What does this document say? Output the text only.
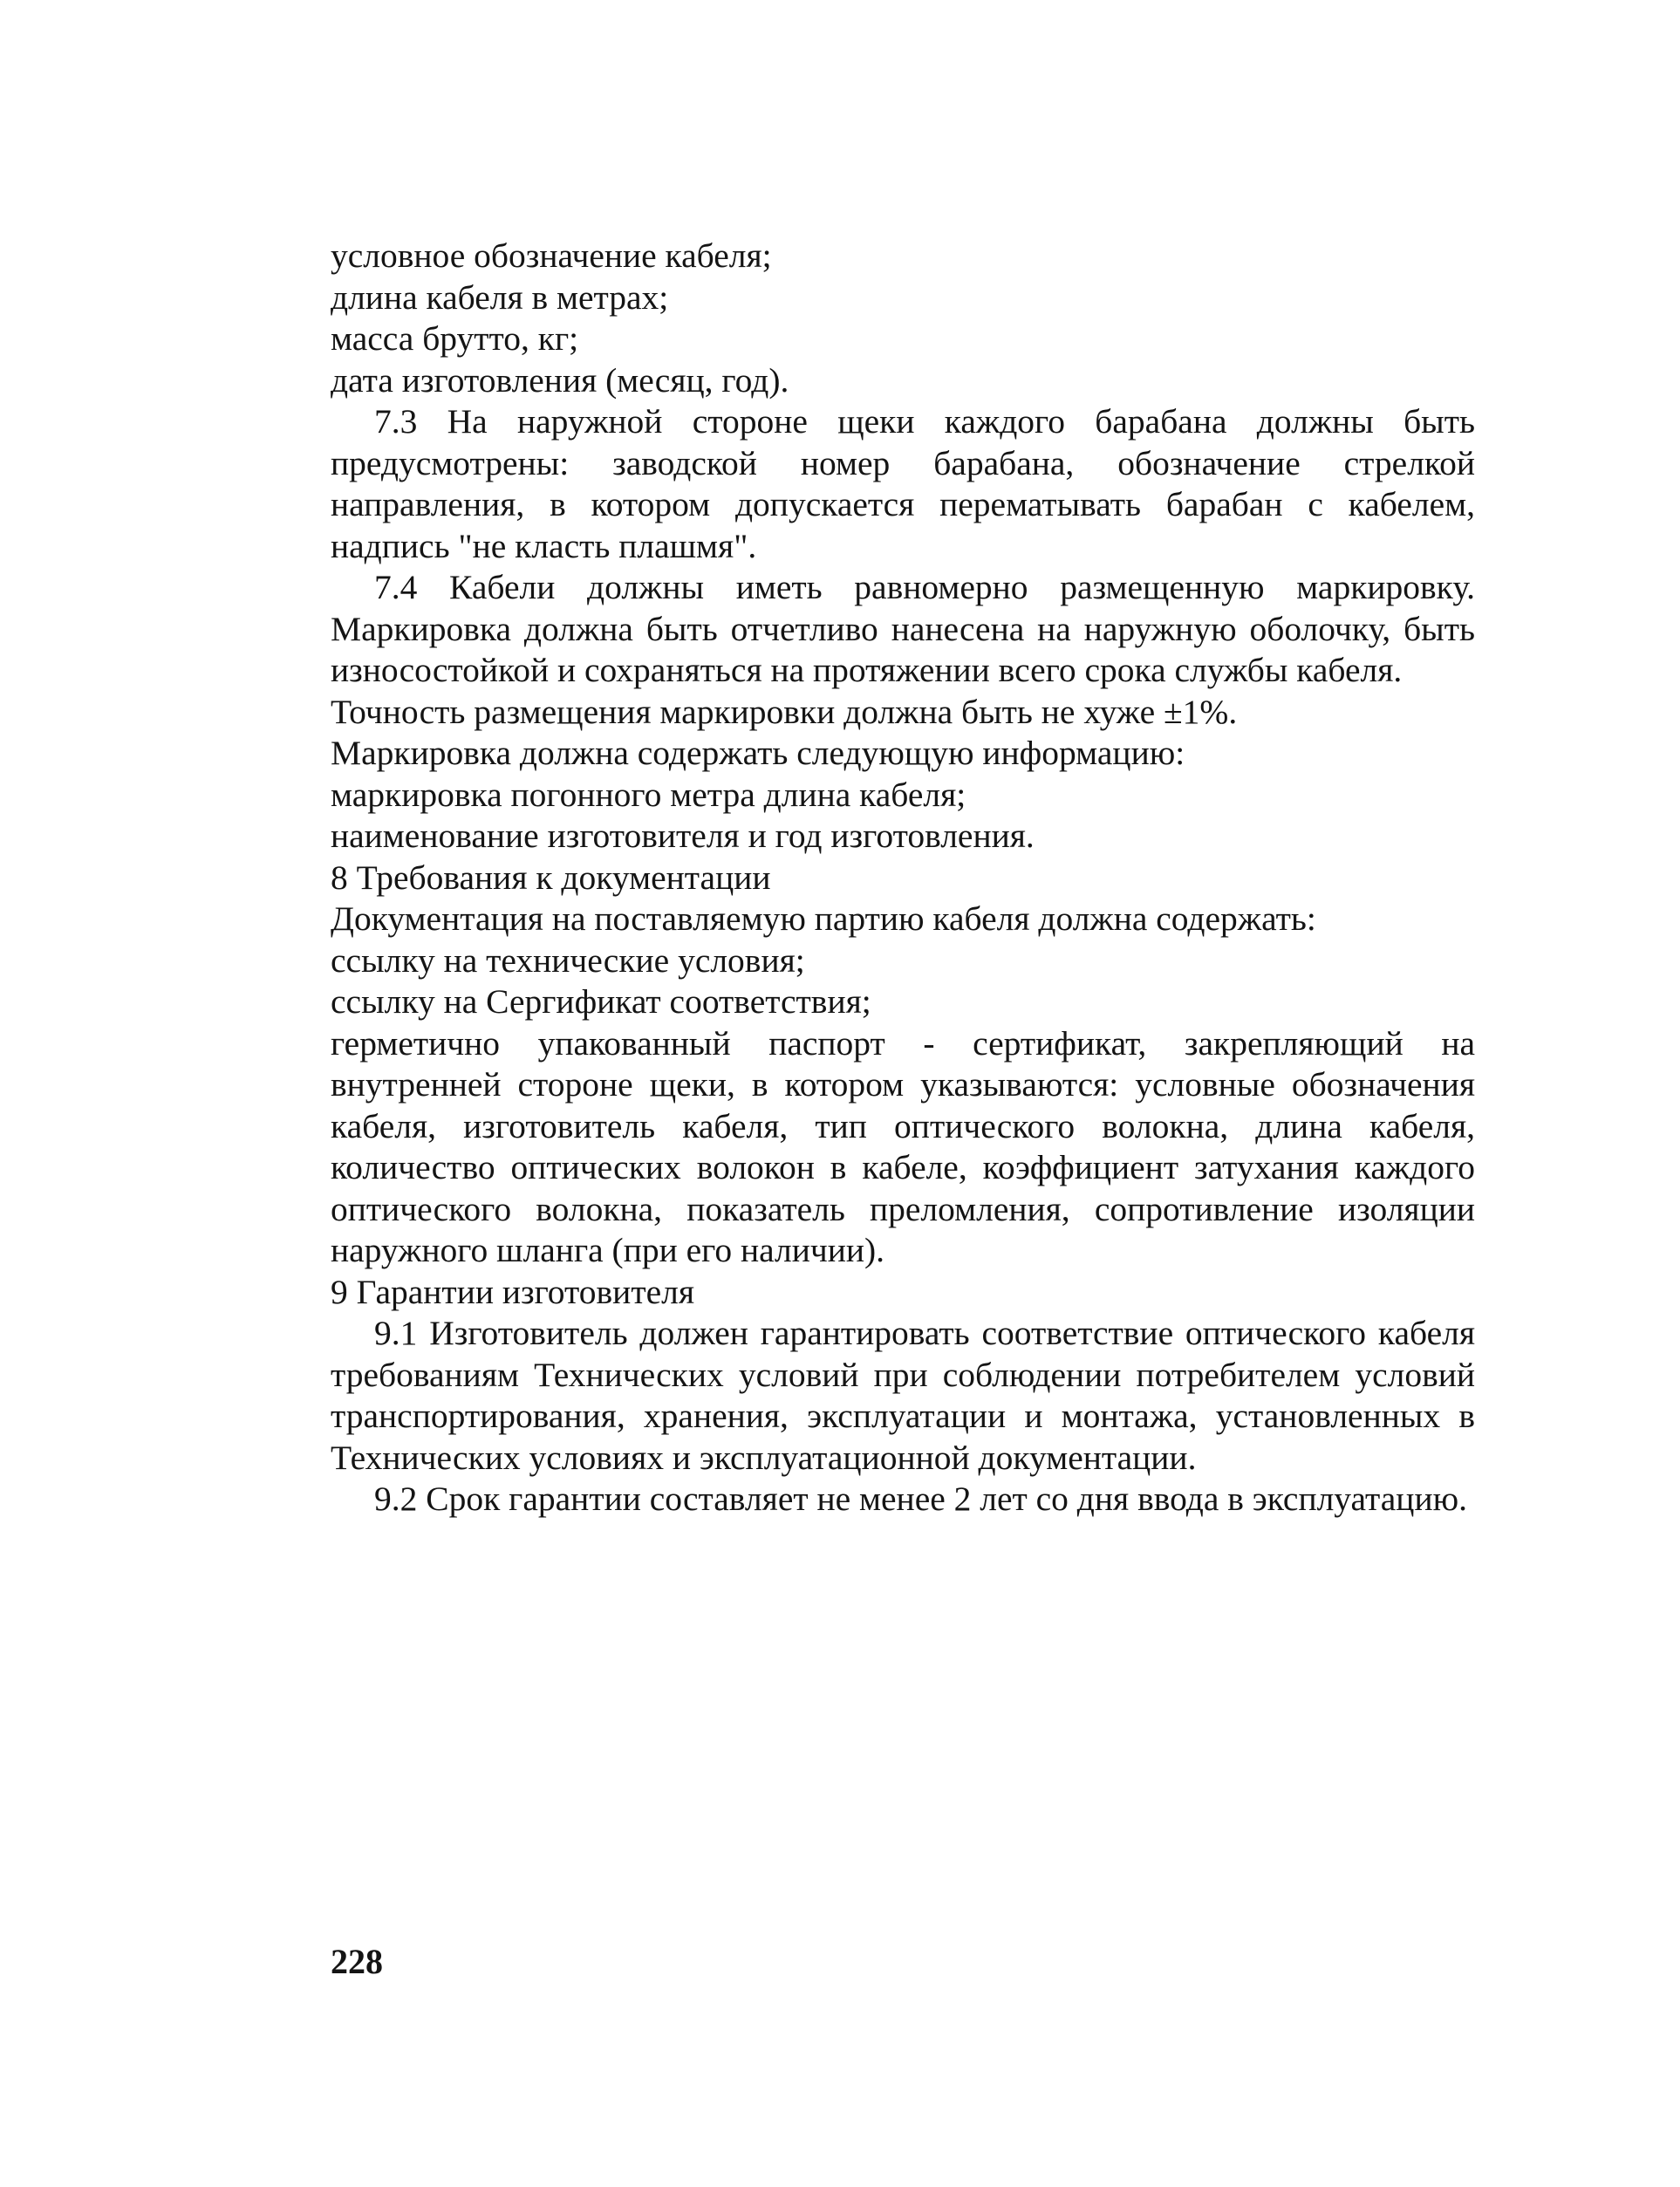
условное обозначение кабеля;

длина кабеля в метрах;

масса брутто, кг;

дата изготовления (месяц, год).

7.3 На наружной стороне щеки каждого барабана должны быть предусмотрены: заводской номер барабана, обозначение стрелкой направления, в котором допускается перематывать барабан с кабелем, надпись "не класть плашмя".

7.4 Кабели должны иметь равномерно размещенную маркировку. Маркировка должна быть отчетливо нанесена на наружную оболочку, быть износостойкой и сохраняться на протяжении всего срока службы кабеля.

Точность размещения маркировки должна быть не хуже ±1%.

Маркировка должна содержать следующую информацию:

маркировка погонного метра длина кабеля;

наименование изготовителя и год изготовления.

8 Требования к документации

Документация на поставляемую партию кабеля должна содержать:

ссылку на технические условия;

ссылку на Сергификат соответствия;

герметично упакованный паспорт - сертификат, закрепляющий на внутренней стороне щеки, в котором указываются: условные обозначения кабеля, изготовитель кабеля, тип оптического волокна, длина кабеля, количество оптических волокон в кабеле, коэффициент затухания каждого оптического волокна, показатель преломления, сопротивление изоляции наружного шланга (при его наличии).

9 Гарантии изготовителя

9.1 Изготовитель должен гарантировать соответствие оптического кабеля требованиям Технических условий при соблюдении потребителем условий транспортирования, хранения, эксплуатации и монтажа, установленных в Технических условиях и эксплуатационной документации.

9.2 Срок гарантии составляет не менее 2 лет со дня ввода в эксплуатацию.

228
